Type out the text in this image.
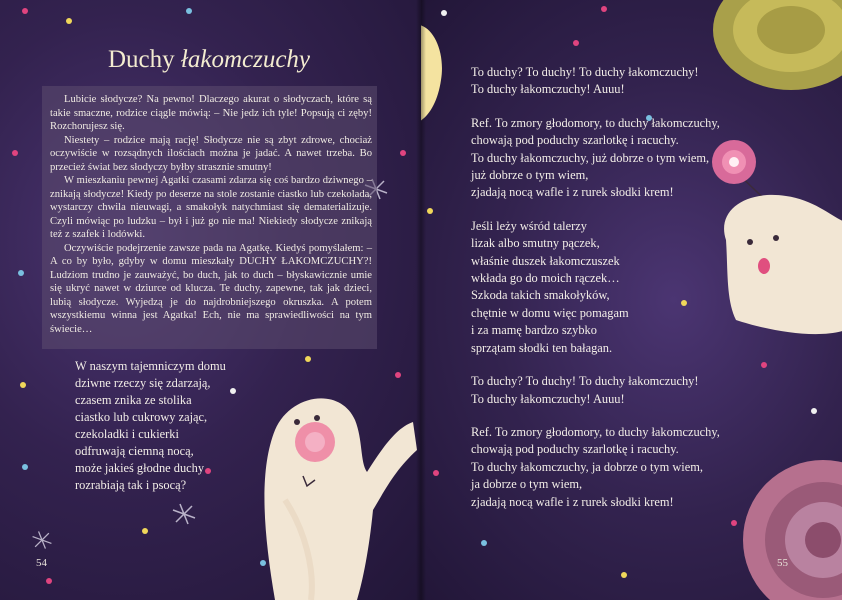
Duchy łakomczuchy

Lubicie słodycze? Na pewno! Dlaczego akurat o słodyczach, które są takie smaczne, rodzice ciągle mówią: – Nie jedz ich tyle! Popsują ci zęby! Rozchorujesz się.

Niestety – rodzice mają rację! Słodycze nie są zbyt zdrowe, chociaż oczywiście w rozsądnych ilościach można je jadać. A nawet trzeba. Bo przecież świat bez słodyczy byłby strasznie smutny!

W mieszkaniu pewnej Agatki czasami zdarza się coś bardzo dziwnego – znikają słodycze! Kiedy po deserze na stole zostanie ciastko lub czekolada, wystarczy chwila nieuwagi, a smakołyk natychmiast się dematerializuje. Czyli mówiąc po ludzku – był i już go nie ma! Niekiedy słodycze znikają też z szafek i lodówki.

Oczywiście podejrzenie zawsze pada na Agatkę. Kiedyś pomyślałem: – A co by było, gdyby w domu mieszkały DUCHY ŁAKOMCZUCHY?! Ludziom trudno je zauważyć, bo duch, jak to duch – błyskawicznie umie się ukryć nawet w dziurce od klucza. Te duchy, zapewne, tak jak dzieci, lubią słodycze. Wyjedzą je do najdrobniejszego okruszka. A potem wszystkiemu winna jest Agatka! Ech, nie ma sprawiedliwości na tym świecie…

W naszym tajemniczym domu

dziwne rzeczy się zdarzają,

czasem znika ze stolika

ciastko lub cukrowy zając,

czekoladki i cukierki

odfruwają ciemną nocą,

może jakieś głodne duchy

rozrabiają tak i psocą?

54	55

To duchy? To duchy! To duchy łakomczuchy!

To duchy łakomczuchy! Auuu!

Ref. To zmory głodomory, to duchy łakomczuchy,

chowają pod poduchy szarlotkę i racuchy.

To duchy łakomczuchy, już dobrze o tym wiem,

już dobrze o tym wiem,

zjadają nocą wafle i z rurek słodki krem!

Jeśli leży wśród talerzy

lizak albo smutny pączek,

właśnie duszek łakomczuszek

wkłada go do moich rączek…

Szkoda takich smakołyków,

chętnie w domu więc pomagam

i za mamę bardzo szybko

sprzątam słodki ten bałagan.

To duchy? To duchy! To duchy łakomczuchy!

To duchy łakomczuchy! Auuu!

Ref. To zmory głodomory, to duchy łakomczuchy,

chowają pod poduchy szarlotkę i racuchy.

To duchy łakomczuchy, ja dobrze o tym wiem,

ja dobrze o tym wiem,

zjadają nocą wafle i z rurek słodki krem!
